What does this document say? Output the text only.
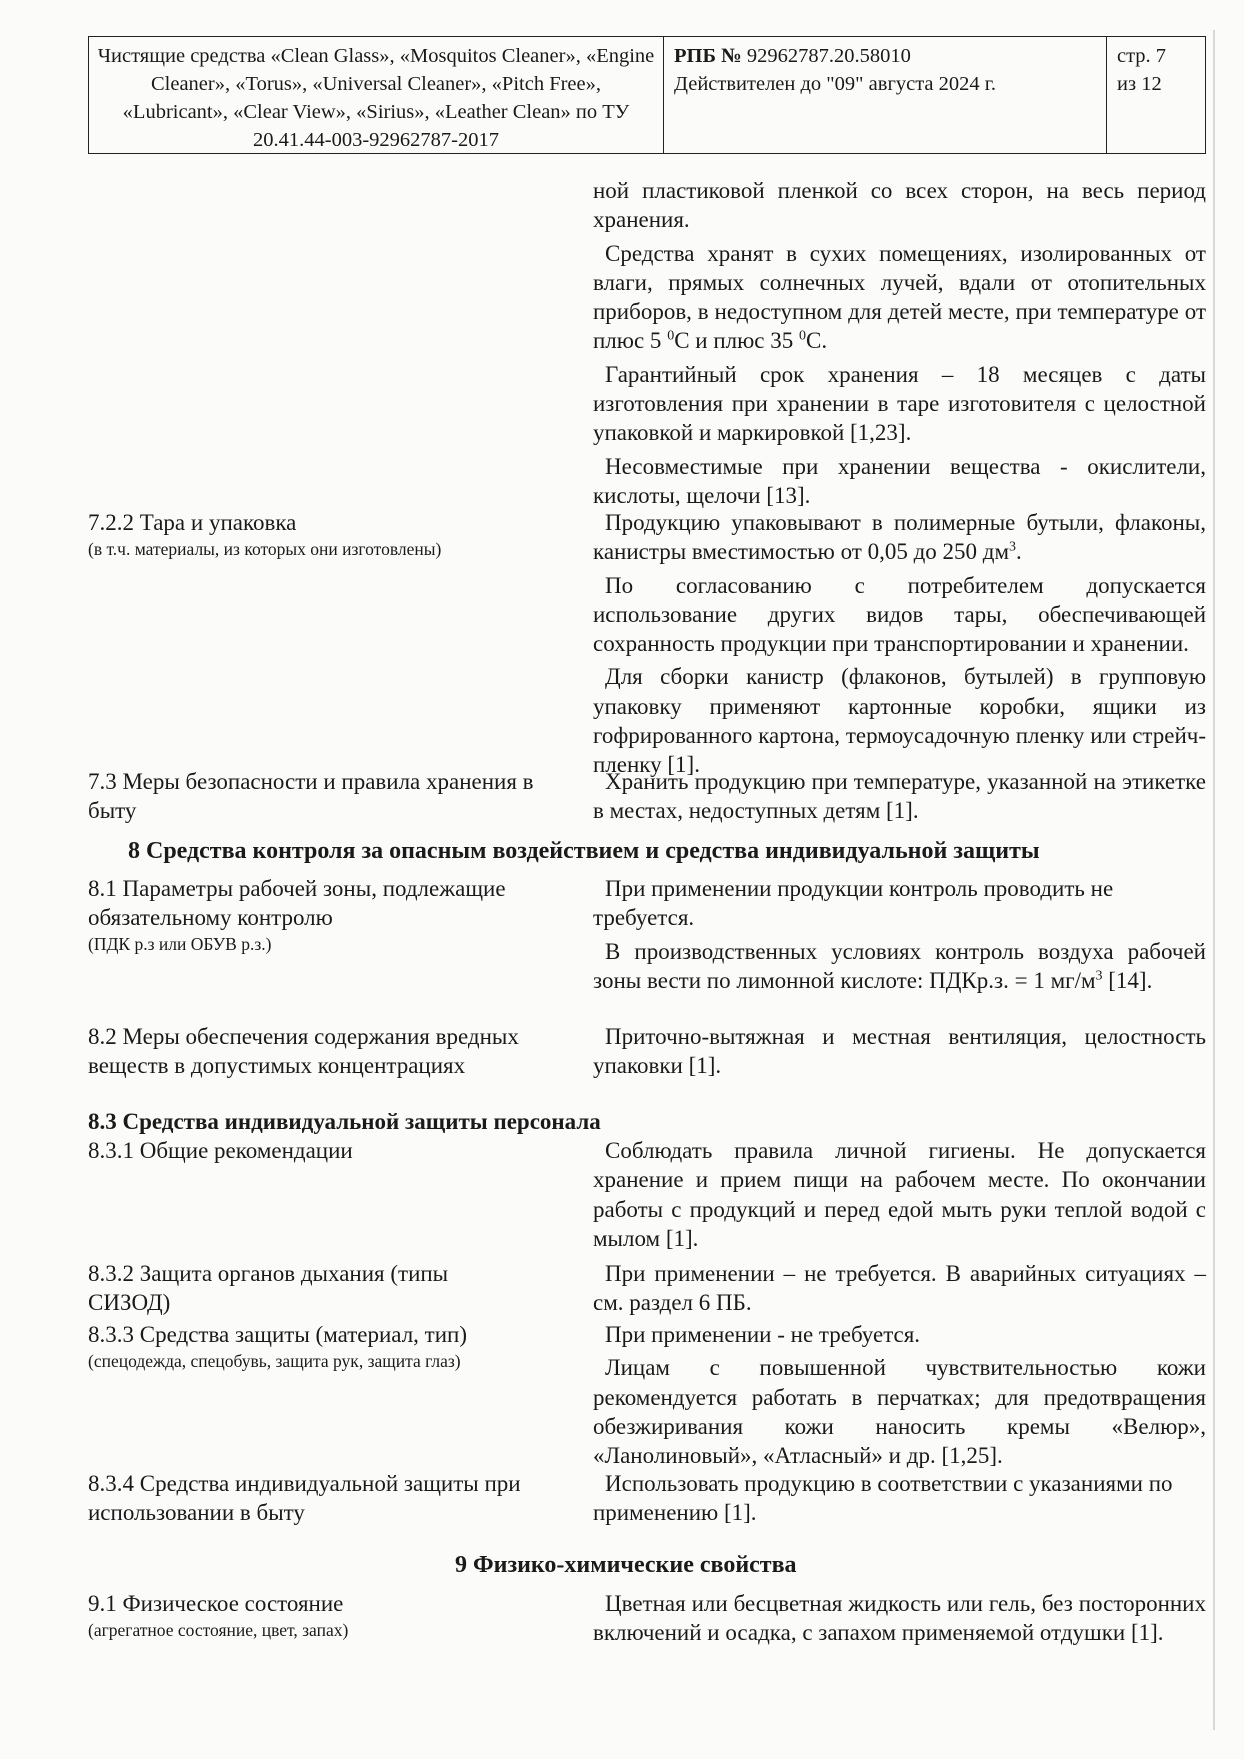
Чистящие средства «Clean Glass», «Mosquitos Cleaner», «Engine Cleaner», «Torus», «Universal Cleaner», «Pitch Free», «Lubricant», «Clear View», «Sirius», «Leather Clean» по ТУ 20.41.44-003-92962787-2017
РПБ № 92962787.20.58010
Действителен до "09" августа 2024 г.
стр. 7
из 12

ной пластиковой пленкой со всех сторон, на весь период хранения.

Средства хранят в сухих помещениях, изолированных от влаги, прямых солнечных лучей, вдали от отопительных приборов, в недоступном для детей месте, при температуре от плюс 5 $^0$С и плюс 35 $^0$С.

Гарантийный срок хранения – 18 месяцев с даты изготовления при хранении в таре изготовителя с целостной упаковкой и маркировкой [1,23].

Несовместимые при хранении вещества - окислители, кислоты, щелочи [13].

7.2.2 Тара и упаковка
(в т.ч. материалы, из которых они изготовлены)

Продукцию упаковывают в полимерные бутыли, флаконы, канистры вместимостью от 0,05 до 250 $дм^3$.

По согласованию с потребителем допускается использование других видов тары, обеспечивающей сохранность продукции при транспортировании и хранении.

Для сборки канистр (флаконов, бутылей) в групповую упаковку применяют картонные коробки, ящики из гофрированного картона, термоусадочную пленку или стрейч-пленку [1].

7.3 Меры безопасности и правила хранения в быту

Хранить продукцию при температуре, указанной на этикетке в местах, недоступных детям [1].

8 Средства контроля за опасным воздействием и средства индивидуальной защиты
8.1 Параметры рабочей зоны, подлежащие обязательному контролю
(ПДК р.з или ОБУВ р.з.)

При применении продукции контроль проводить не требуется.

В производственных условиях контроль воздуха рабочей зоны вести по лимонной кислоте: ПДКр.з. = 1 $мг/м^3$ [14].

8.2 Меры обеспечения содержания вредных веществ в допустимых концентрациях

Приточно-вытяжная и местная вентиляция, целостность упаковки [1].

8.3 Средства индивидуальной защиты персонала
8.3.1 Общие рекомендации	Соблюдать правила личной гигиены. Не допускается хранение и прием пищи на рабочем месте. По окончании работы с продукций и перед едой мыть руки теплой водой с мылом [1].

8.3.2 Защита органов дыхания (типы СИЗОД)

При применении – не требуется. В аварийных ситуациях – см. раздел 6 ПБ.

8.3.3 Средства защиты (материал, тип)
(спецодежда, спецобувь, защита рук, защита глаз)

При применении - не требуется.

Лицам с повышенной чувствительностью кожи рекомендуется работать в перчатках; для предотвращения обезжиривания кожи наносить кремы «Велюр», «Ланолиновый», «Атласный» и др. [1,25].

8.3.4 Средства индивидуальной защиты при использовании в быту

Использовать продукцию в соответствии с указаниями по применению [1].

9 Физико-химические свойства
9.1 Физическое состояние
(агрегатное состояние, цвет, запах)

Цветная или бесцветная жидкость или гель, без посторонних включений и осадка, с запахом применяемой отдушки [1].
